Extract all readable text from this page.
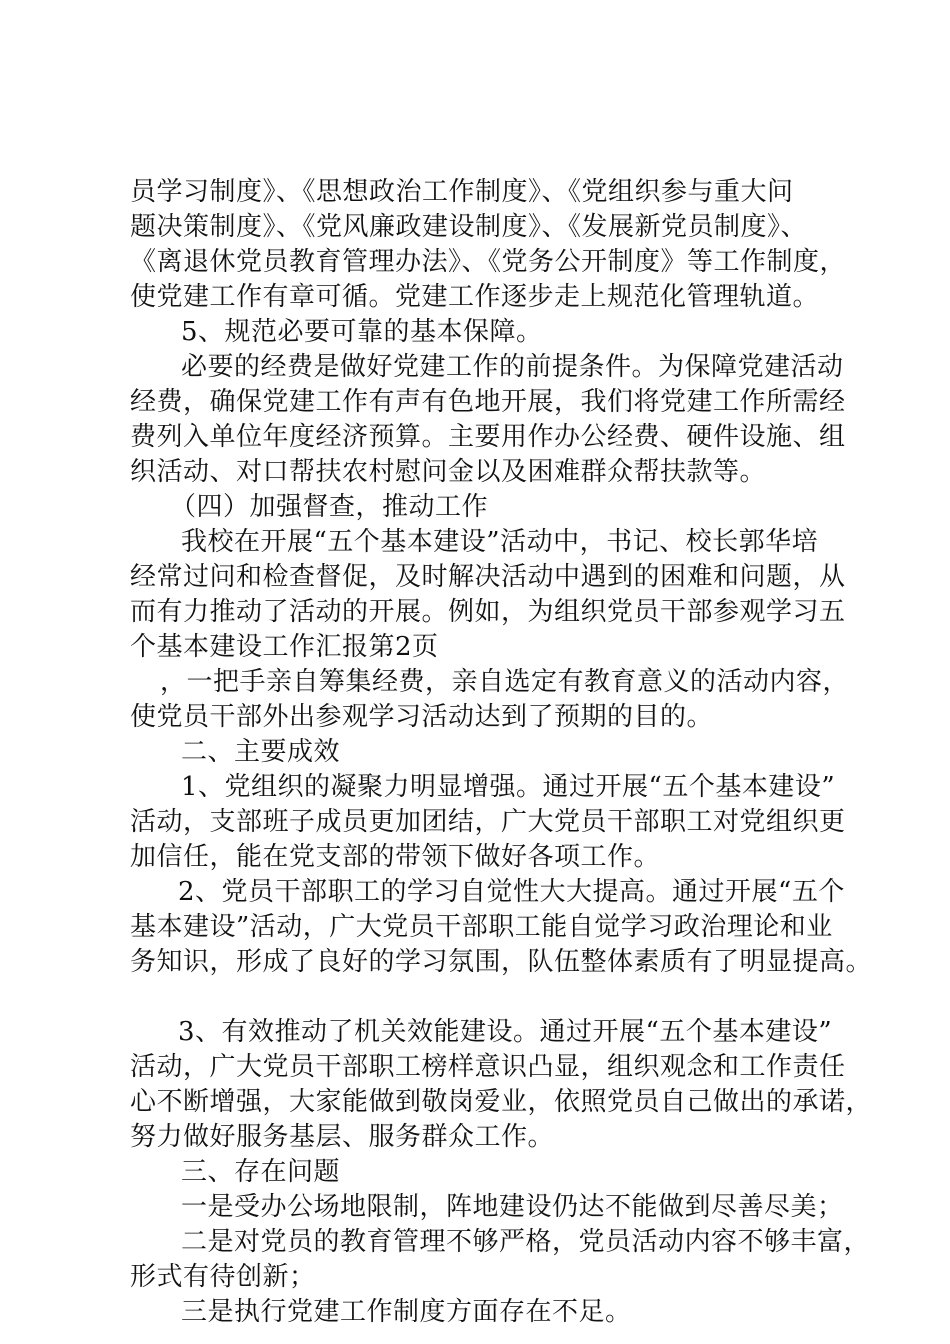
员学习制度》、《思想政治工作制度》、《党组织参与重大问
题决策制度》、《党风廉政建设制度》、《发展新党员制度》、
《离退休党员教育管理办法》、《党务公开制度》等工作制度，
使党建工作有章可循。党建工作逐步走上规范化管理轨道。
5、规范必要可靠的基本保障。
必要的经费是做好党建工作的前提条件。为保障党建活动
经费，确保党建工作有声有色地开展，我们将党建工作所需经
费列入单位年度经济预算。主要用作办公经费、硬件设施、组
织活动、对口帮扶农村慰问金以及困难群众帮扶款等。
（四）加强督查，推动工作
我校在开展“五个基本建设”活动中，书记、校长郭华培
经常过问和检查督促，及时解决活动中遇到的困难和问题，从
而有力推动了活动的开展。例如，为组织党员干部参观学习五
个基本建设工作汇报第2页
，一把手亲自筹集经费，亲自选定有教育意义的活动内容，
使党员干部外出参观学习活动达到了预期的目的。
二、主要成效
1、党组织的凝聚力明显增强。通过开展“五个基本建设”
活动，支部班子成员更加团结，广大党员干部职工对党组织更
加信任，能在党支部的带领下做好各项工作。
2、党员干部职工的学习自觉性大大提高。通过开展“五个
基本建设”活动，广大党员干部职工能自觉学习政治理论和业
务知识，形成了良好的学习氛围，队伍整体素质有了明显提高。
3、有效推动了机关效能建设。通过开展“五个基本建设”
活动，广大党员干部职工榜样意识凸显，组织观念和工作责任
心不断增强，大家能做到敬岗爱业，依照党员自己做出的承诺，
努力做好服务基层、服务群众工作。
三、存在问题
一是受办公场地限制，阵地建设仍达不能做到尽善尽美；
二是对党员的教育管理不够严格，党员活动内容不够丰富，
形式有待创新；
三是执行党建工作制度方面存在不足。
